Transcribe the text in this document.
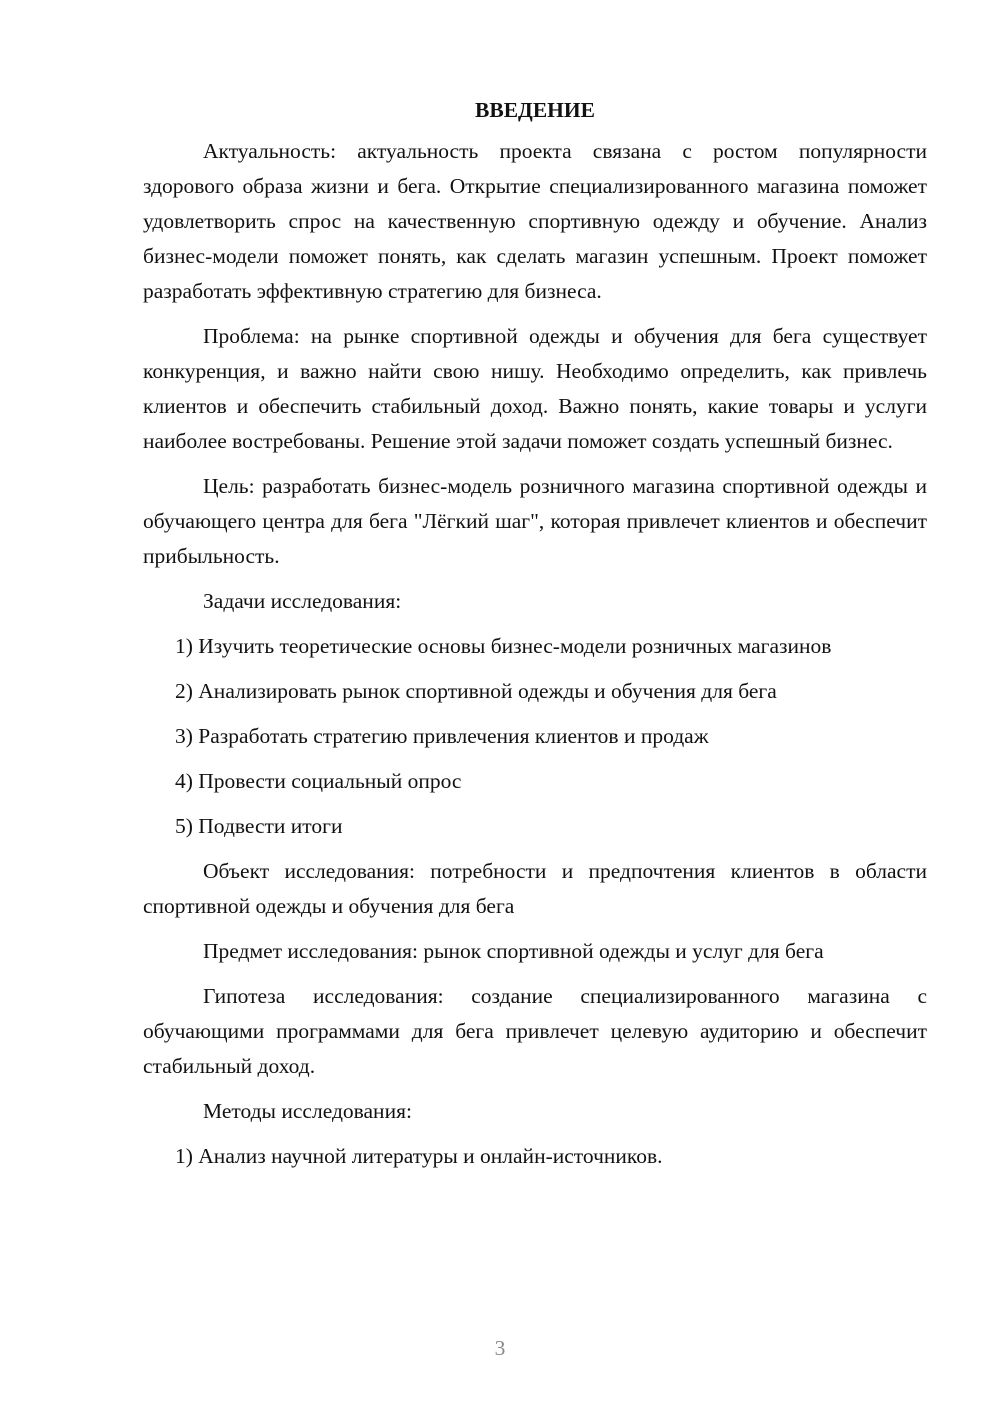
ВВЕДЕНИЕ

Актуальность: актуальность проекта связана с ростом популярности здорового образа жизни и бега. Открытие специализированного магазина поможет удовлетворить спрос на качественную спортивную одежду и обучение. Анализ бизнес-модели поможет понять, как сделать магазин успешным. Проект поможет разработать эффективную стратегию для бизнеса.

Проблема: на рынке спортивной одежды и обучения для бега существует конкуренция, и важно найти свою нишу. Необходимо определить, как привлечь клиентов и обеспечить стабильный доход. Важно понять, какие товары и услуги наиболее востребованы. Решение этой задачи поможет создать успешный бизнес.

Цель: разработать бизнес-модель розничного магазина спортивной одежды и обучающего центра для бега "Лёгкий шаг", которая привлечет клиентов и обеспечит прибыльность.

Задачи исследования:

1) Изучить теоретические основы бизнес-модели розничных магазинов

2) Анализировать рынок спортивной одежды и обучения для бега

3) Разработать стратегию привлечения клиентов и продаж

4) Провести социальный опрос

5) Подвести итоги

Объект исследования: потребности и предпочтения клиентов в области спортивной одежды и обучения для бега

Предмет исследования: рынок спортивной одежды и услуг для бега

Гипотеза исследования: создание специализированного магазина с обучающими программами для бега привлечет целевую аудиторию и обеспечит стабильный доход.

Методы исследования:

1) Анализ научной литературы и онлайн-источников.

3
